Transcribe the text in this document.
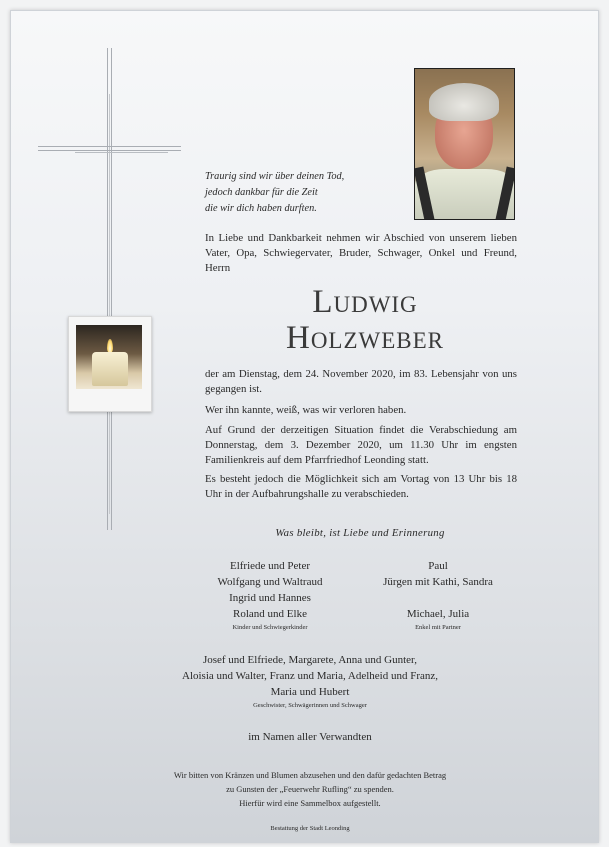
Traurig sind wir über deinen Tod,
jedoch dankbar für die Zeit
die wir dich haben durften.
In Liebe und Dankbarkeit nehmen wir Abschied von unserem lieben Vater, Opa, Schwiegervater, Bruder, Schwager, Onkel und Freund, Herrn
Ludwig
Holzweber

der am Dienstag, dem 24. November 2020, im 83. Lebensjahr von uns gegangen ist.

Wer ihn kannte, weiß, was wir verloren haben.

Auf Grund der derzeitigen Situation findet die Verabschiedung am Donnerstag, dem 3. Dezember 2020, um 11.30 Uhr im engsten Familienkreis auf dem Pfarrfriedhof Leonding statt.

Es besteht jedoch die Möglichkeit sich am Vortag von 13 Uhr bis 18 Uhr in der Aufbahrungshalle zu verabschieden.

Was bleibt, ist Liebe und Erinnerung
Elfriede und Peter
Wolfgang und Waltraud
Ingrid und Hannes
Roland und Elke
Kinder und Schwiegerkinder
Paul
Jürgen mit Kathi, Sandra
Michael, Julia
Enkel mit Partner
Josef und Elfriede, Margarete, Anna und Gunter,
Aloisia und Walter, Franz und Maria, Adelheid und Franz,
Maria und Hubert
Geschwister, Schwägerinnen und Schwager
im Namen aller Verwandten
Wir bitten von Kränzen und Blumen abzusehen und den dafür gedachten Betrag
zu Gunsten der „Feuerwehr Rufling“ zu spenden.
Hierfür wird eine Sammelbox aufgestellt.
Bestattung der Stadt Leonding
